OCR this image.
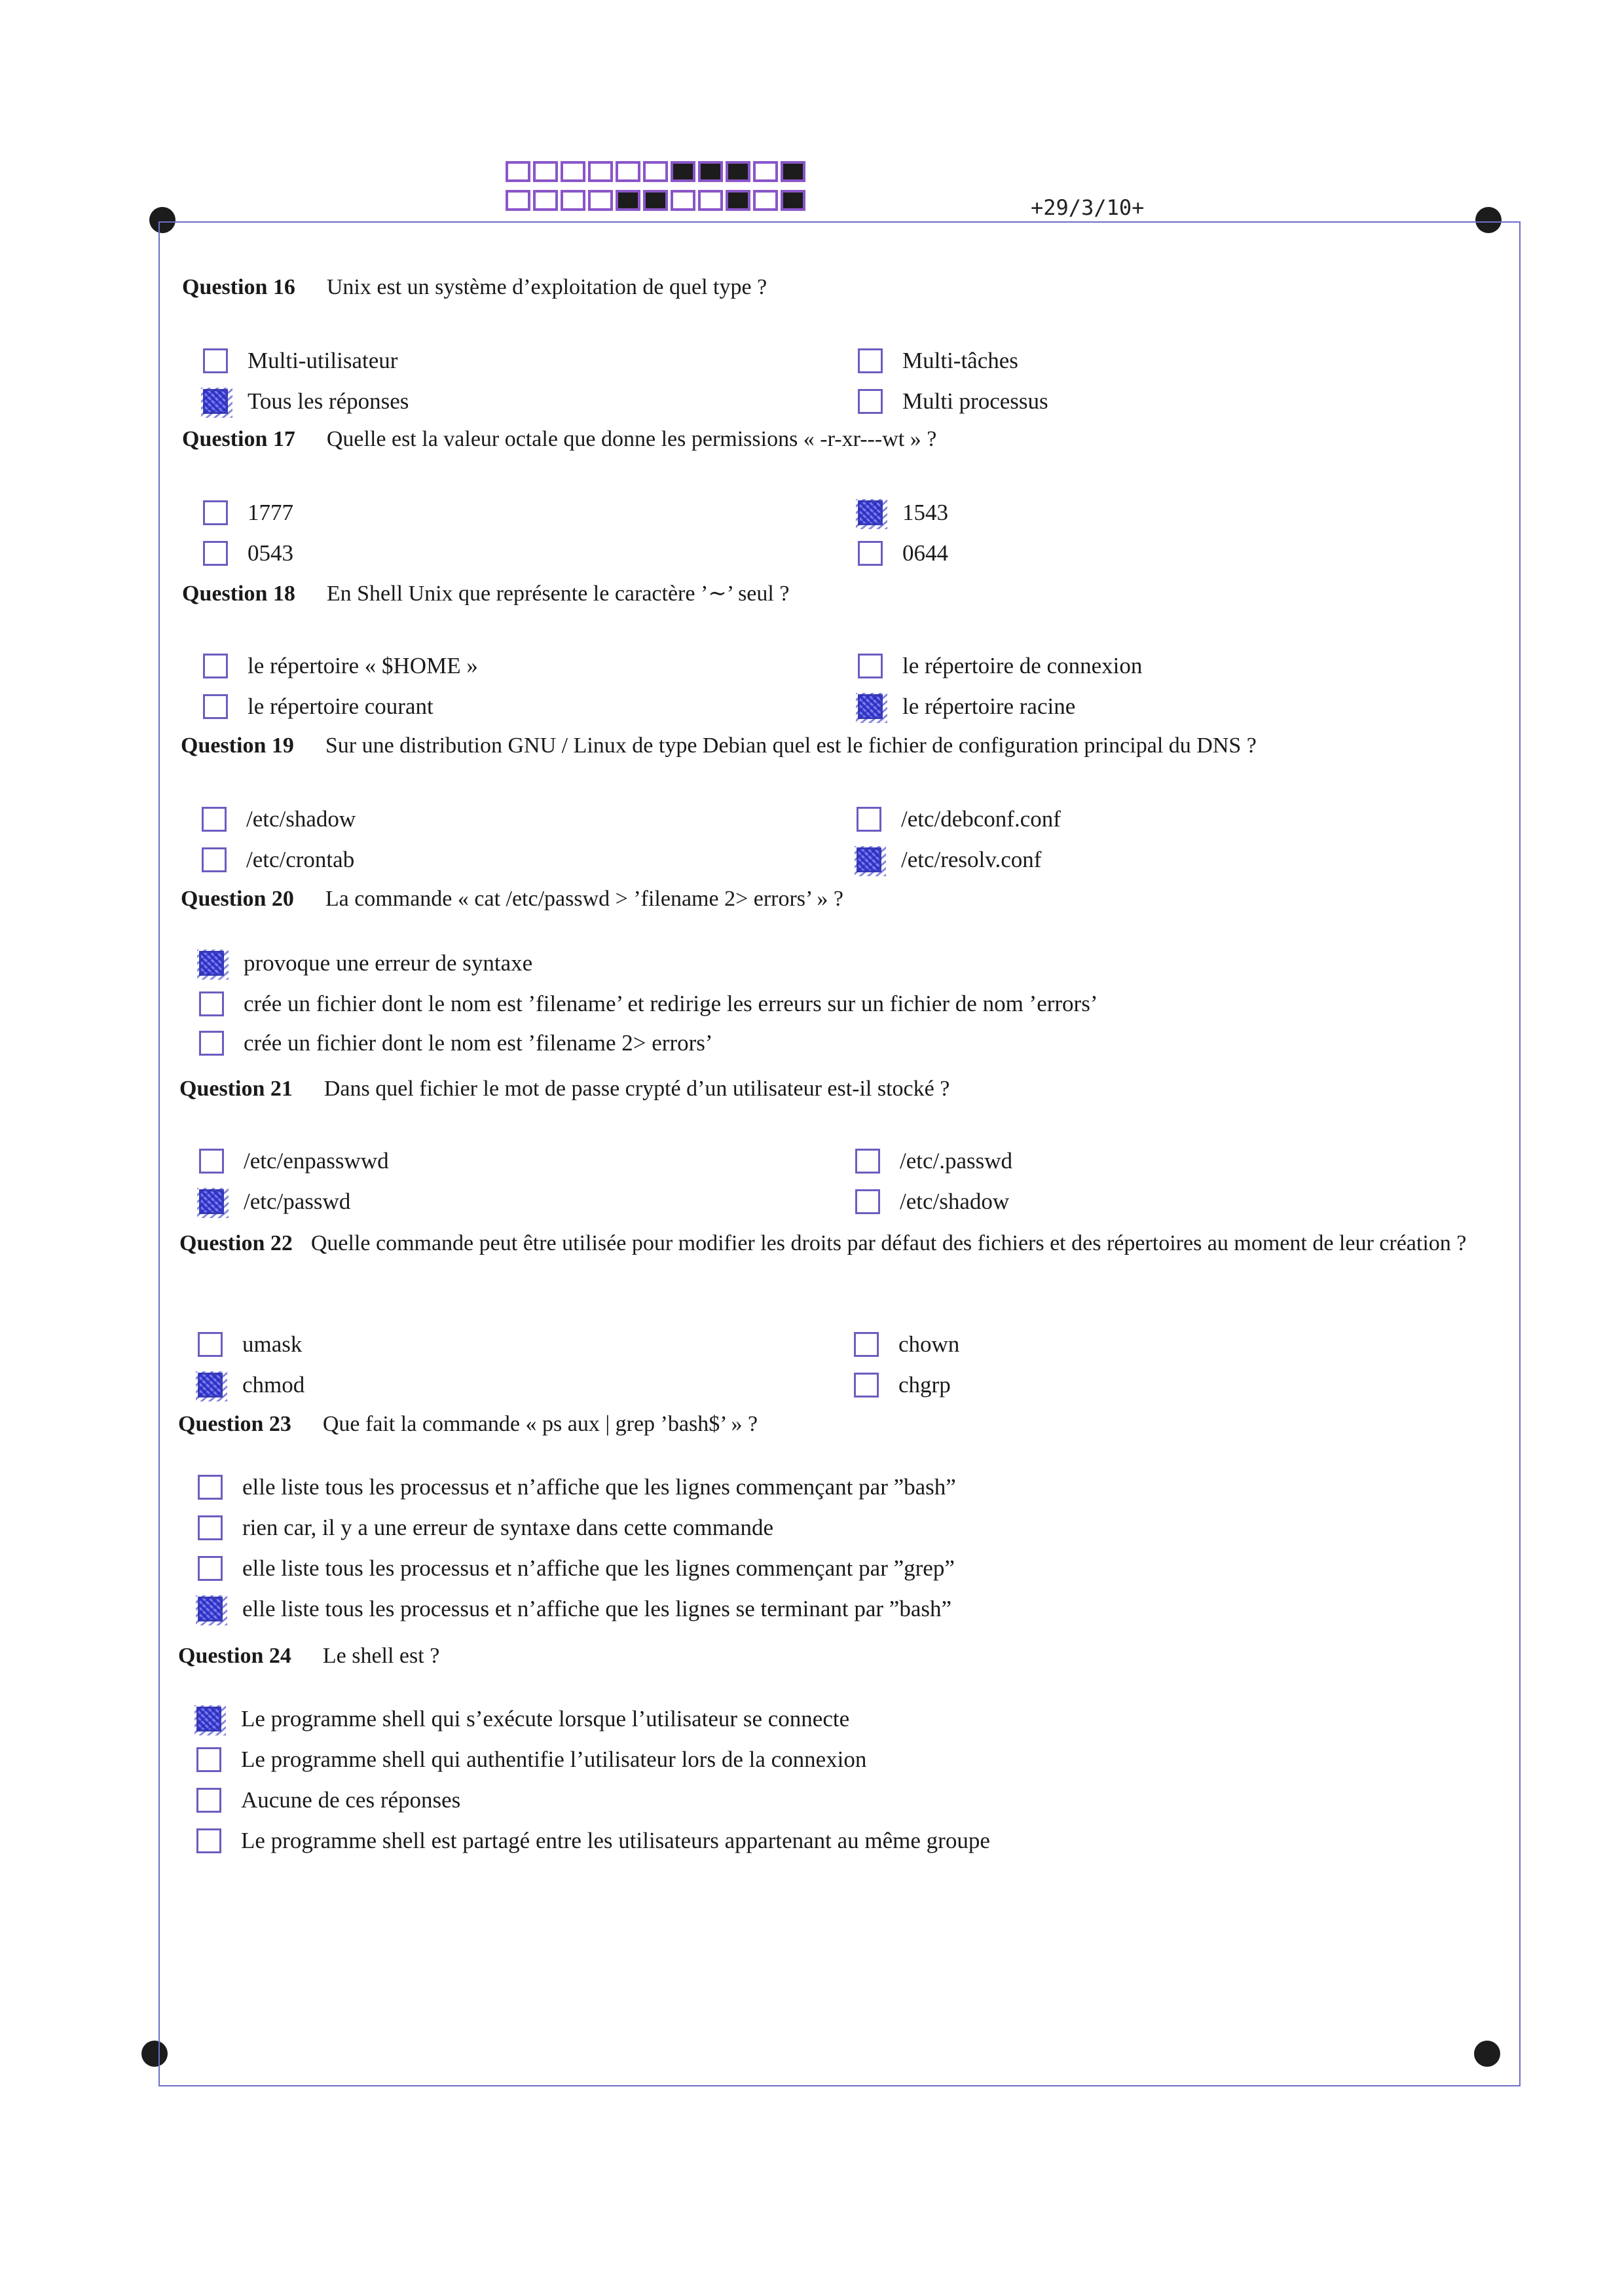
+29/3/10+
Question 16 Unix est un système d’exploitation de quel type ?
Multi-utilisateur	Multi-tâches
Tous les réponses	Multi processus
Question 17 Quelle est la valeur octale que donne les permissions « -r-xr---wt » ?
1777	1543
0543	0644
Question 18 En Shell Unix que représente le caractère ’∼’ seul ?
le répertoire « $HOME »	le répertoire de connexion
le répertoire courant	le répertoire racine
Question 19 Sur une distribution GNU / Linux de type Debian quel est le fichier de configuration principal du DNS ?
/etc/shadow	/etc/debconf.conf
/etc/crontab	/etc/resolv.conf
Question 20 La commande « cat /etc/passwd > ’filename 2> errors’ » ?
provoque une erreur de syntaxe
crée un fichier dont le nom est ’filename’ et redirige les erreurs sur un fichier de nom ’errors’
crée un fichier dont le nom est ’filename 2> errors’
Question 21 Dans quel fichier le mot de passe crypté d’un utilisateur est-il stocké ?
/etc/enpasswwd	/etc/.passwd
/etc/passwd	/etc/shadow
Question 22 Quelle commande peut être utilisée pour modifier les droits par défaut des fichiers et des répertoires au moment de leur création ?
umask	chown
chmod	chgrp
Question 23 Que fait la commande « ps aux | grep ’bash$’ » ?
elle liste tous les processus et n’affiche que les lignes commençant par ”bash”
rien car, il y a une erreur de syntaxe dans cette commande
elle liste tous les processus et n’affiche que les lignes commençant par ”grep”
elle liste tous les processus et n’affiche que les lignes se terminant par ”bash”
Question 24 Le shell est ?
Le programme shell qui s’exécute lorsque l’utilisateur se connecte
Le programme shell qui authentifie l’utilisateur lors de la connexion
Aucune de ces réponses
Le programme shell est partagé entre les utilisateurs appartenant au même groupe
